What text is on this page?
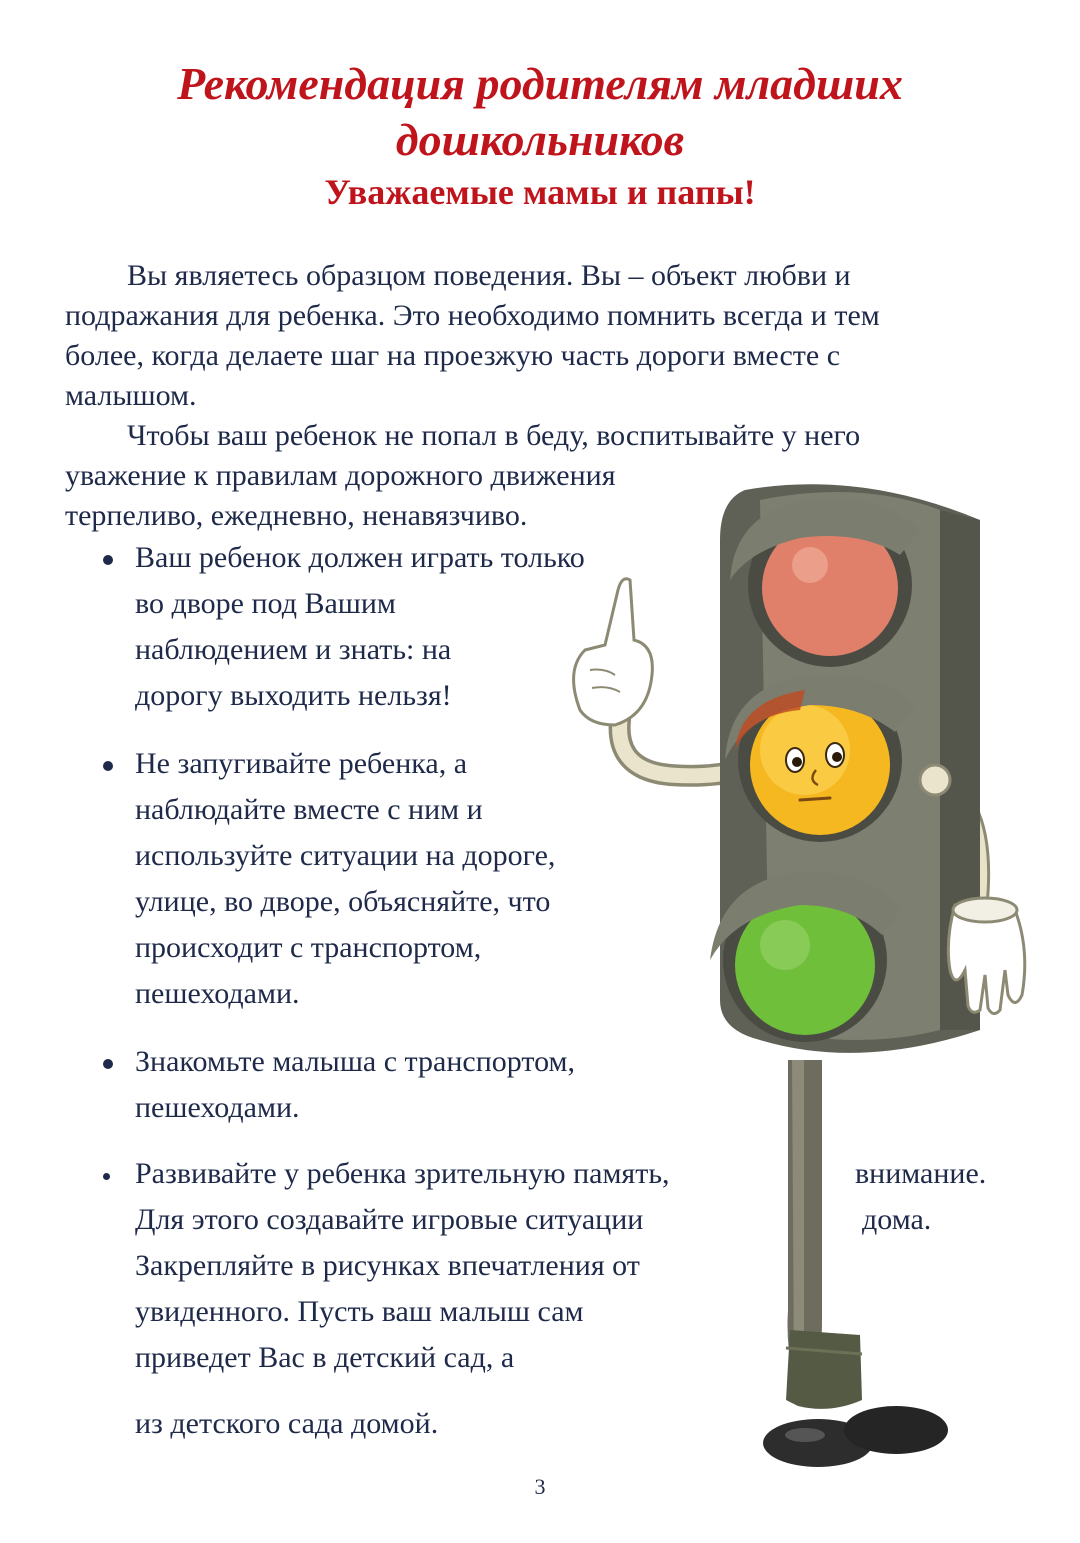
Рекомендация родителям младших
дошкольников
Уважаемые мамы и папы!
Вы являетесь образцом поведения. Вы – объект любви и
подражания для ребенка. Это необходимо помнить всегда и тем
более, когда делаете шаг на проезжую часть дороги вместе с
малышом.
Чтобы ваш ребенок не попал в беду, воспитывайте у него
уважение к правилам дорожного движения
терпеливо, ежедневно, ненавязчиво.
Ваш ребенок должен играть только
во дворе под Вашим
наблюдением и знать: на
дорогу выходить нельзя!
Не запугивайте ребенка, а
наблюдайте вместе с ним и
используйте ситуации на дороге,
улице, во дворе, объясняйте, что
происходит с транспортом,
пешеходами.
Знакомьте малыша с транспортом,
пешеходами.
Развивайте у ребенка зрительную память,	внимание.
Для этого создавайте игровые ситуации	дома.
Закрепляйте в рисунках впечатления от
увиденного. Пусть ваш малыш сам
приведет Вас в детский сад, а
из детского сада домой.
3
